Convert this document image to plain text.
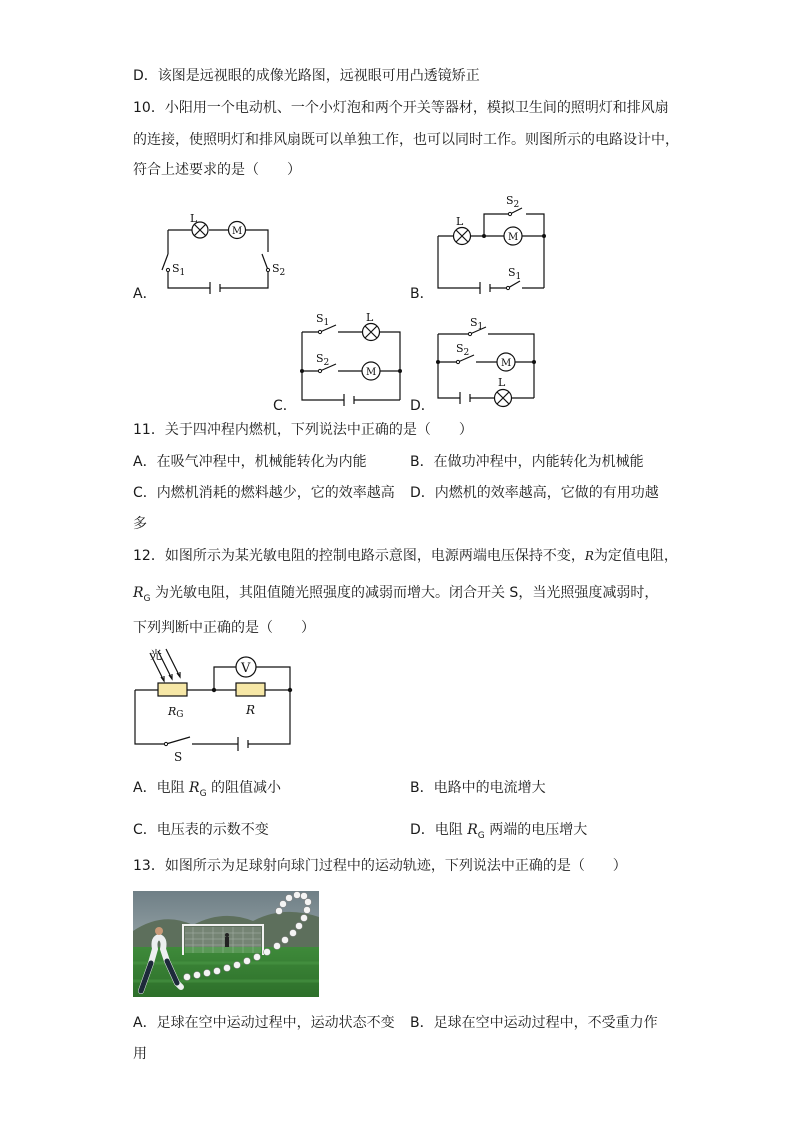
D．该图是远视眼的成像光路图，远视眼可用凸透镜矫正
10．小阳用一个电动机、一个小灯泡和两个开关等器材，模拟卫生间的照明灯和排风扇
的连接，使照明灯和排风扇既可以单独工作，也可以同时工作。则图所示的电路设计中，
符合上述要求的是（　　）
A．	B．
C．	D．
L
M
$S_1$	$S_2$
L
M
$S_2$
$S_1$
$S_1$	L
$S_2$
M
$S_1$
$S_2$
M
L
11．关于四冲程内燃机，下列说法中正确的是（　　）
A．在吸气冲程中，机械能转化为内能	B．在做功冲程中，内能转化为机械能
C．内燃机消耗的燃料越少，它的效率越高 D．内燃机的效率越高，它做的有用功越
多
12．如图所示为某光敏电阻的控制电路示意图，电源两端电压保持不变，R为定值电阻，
$R_G$ 为光敏电阻，其阻值随光照强度的减弱而增大。闭合开关 S，当光照强度减弱时，
下列判断中正确的是（　　）
光
V
RG	R
S
A．电阻 $R_G$ 的阻值减小	B．电路中的电流增大
C．电压表的示数不变	D．电阻 $R_G$ 两端的电压增大
13．如图所示为足球射向球门过程中的运动轨迹，下列说法中正确的是（　　）
A．足球在空中运动过程中，运动状态不变 B．足球在空中运动过程中，不受重力作
用
